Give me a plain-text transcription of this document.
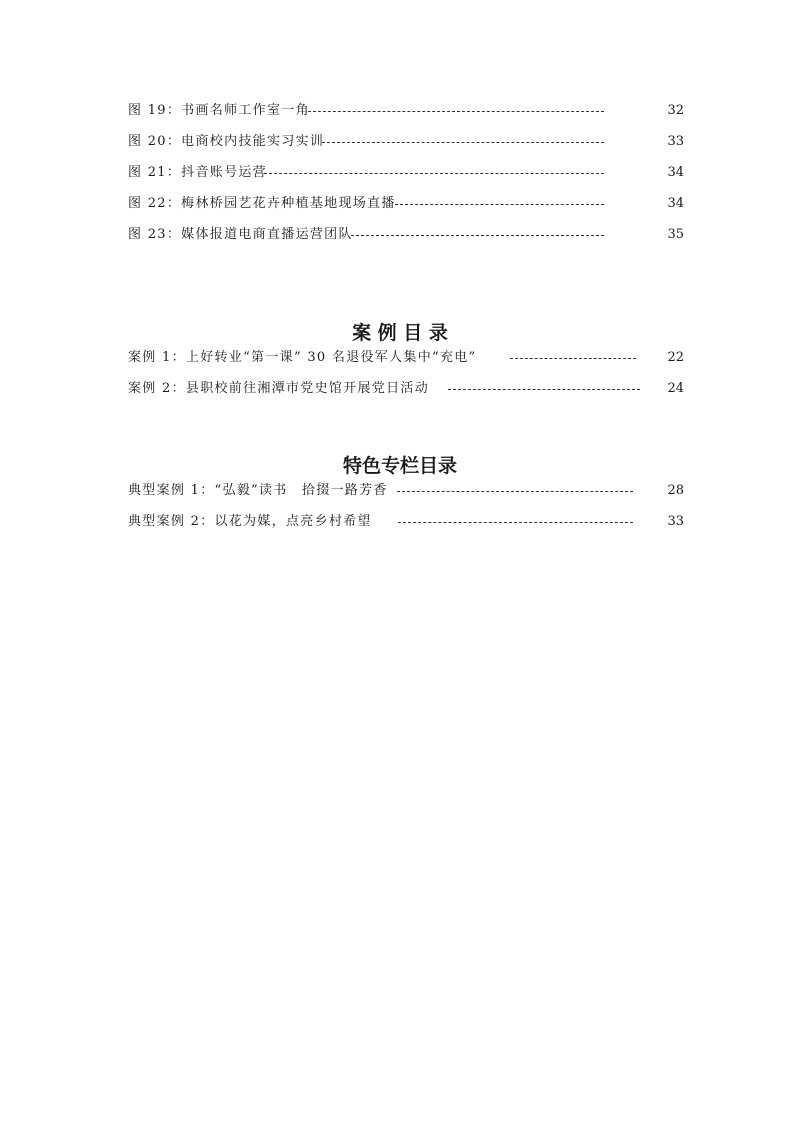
图 19：书画名师工作室一角	32
图 20：电商校内技能实习实训	33
图 21：抖音账号运营	34
图 22：梅林桥园艺花卉种植基地现场直播	34
图 23：媒体报道电商直播运营团队	35
案 例 目 录
案例 1：上好转业“第一课” 30 名退役军人集中“充电”	22
案例 2：县职校前往湘潭市党史馆开展党日活动	24
特色专栏目录
典型案例 1：“弘毅”读书　拾掇一路芳香	28
典型案例 2：以花为媒，点亮乡村希望	33
